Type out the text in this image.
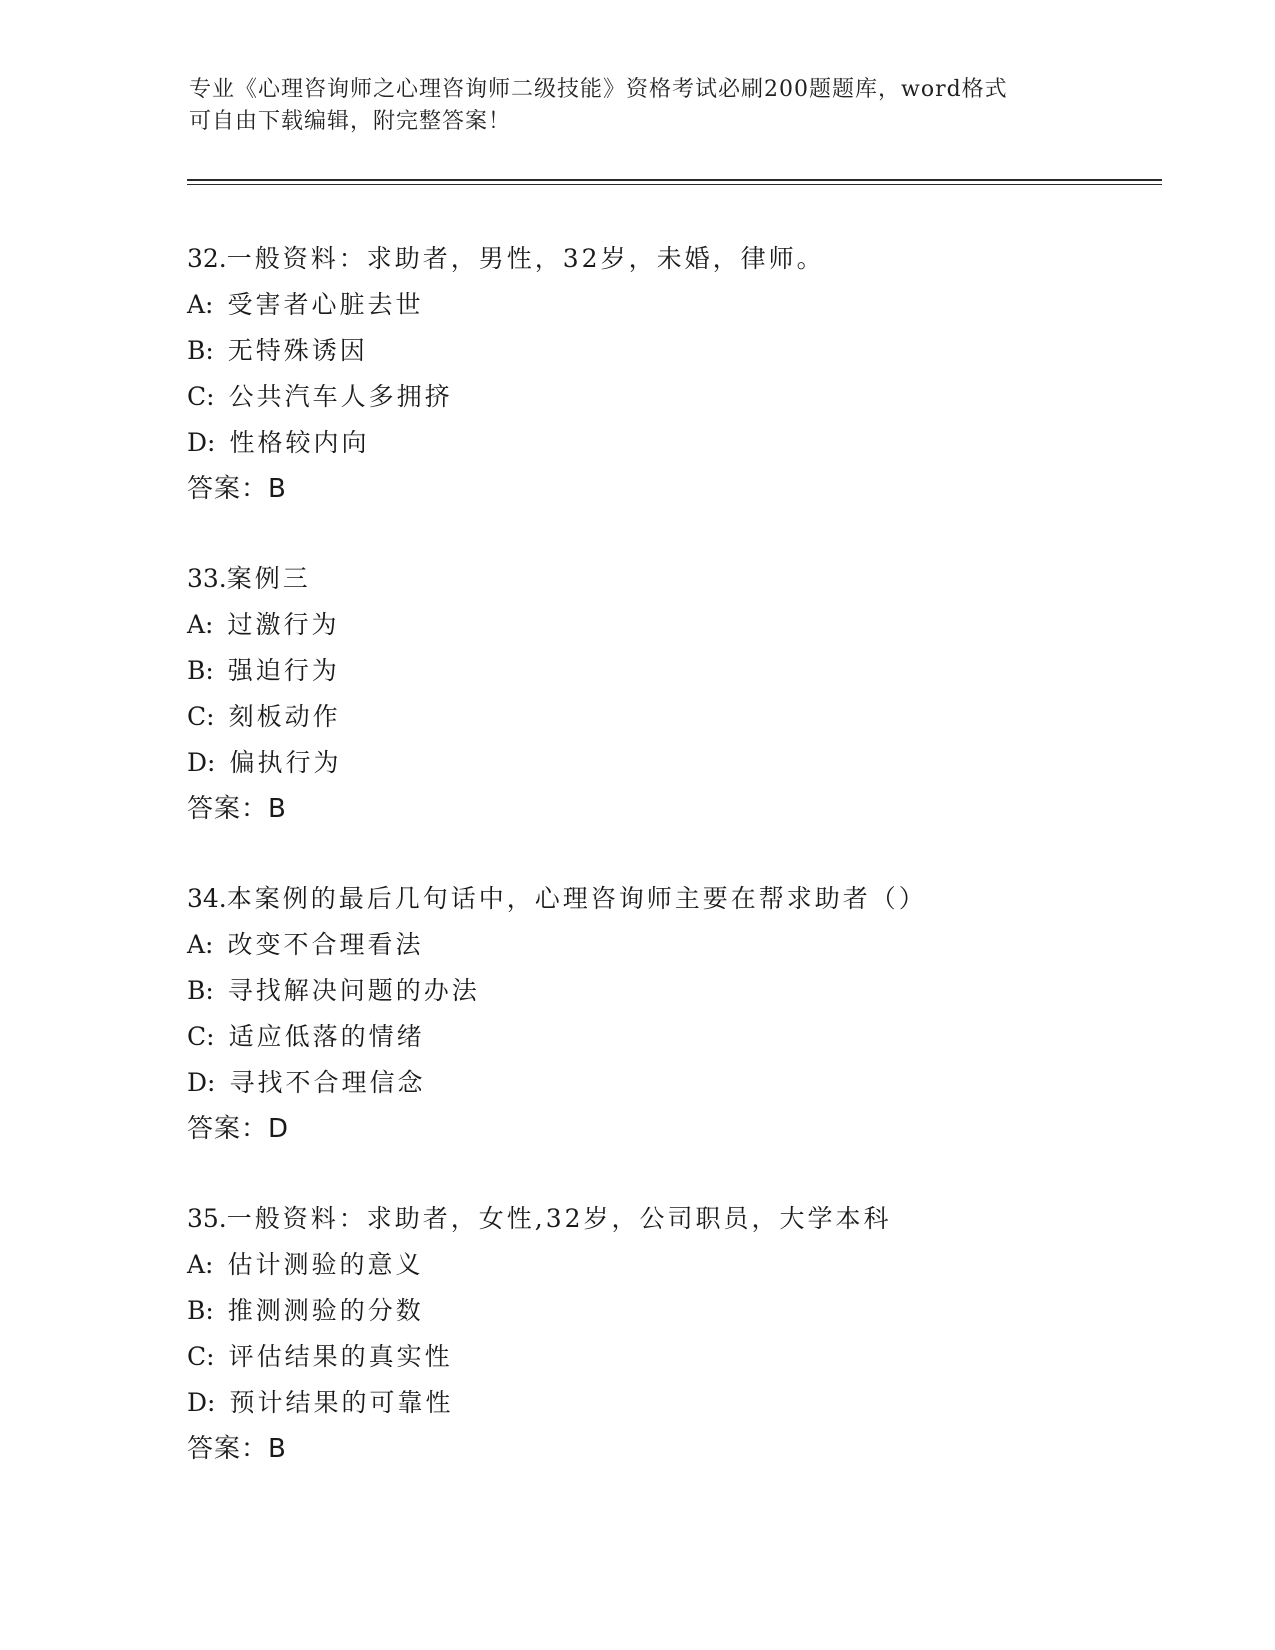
专业《心理咨询师之心理咨询师二级技能》资格考试必刷200题题库，word格式
可自由下载编辑，附完整答案！
32.一般资料：求助者，男性，32岁，未婚，律师。
A: 受害者心脏去世
B: 无特殊诱因
C: 公共汽车人多拥挤
D: 性格较内向
答案：B
33.案例三
A: 过激行为
B: 强迫行为
C: 刻板动作
D: 偏执行为
答案：B
34.本案例的最后几句话中，心理咨询师主要在帮求助者（）
A: 改变不合理看法
B: 寻找解决问题的办法
C: 适应低落的情绪
D: 寻找不合理信念
答案：D
35.一般资料：求助者，女性,32岁，公司职员，大学本科
A: 估计测验的意义
B: 推测测验的分数
C: 评估结果的真实性
D: 预计结果的可靠性
答案：B
